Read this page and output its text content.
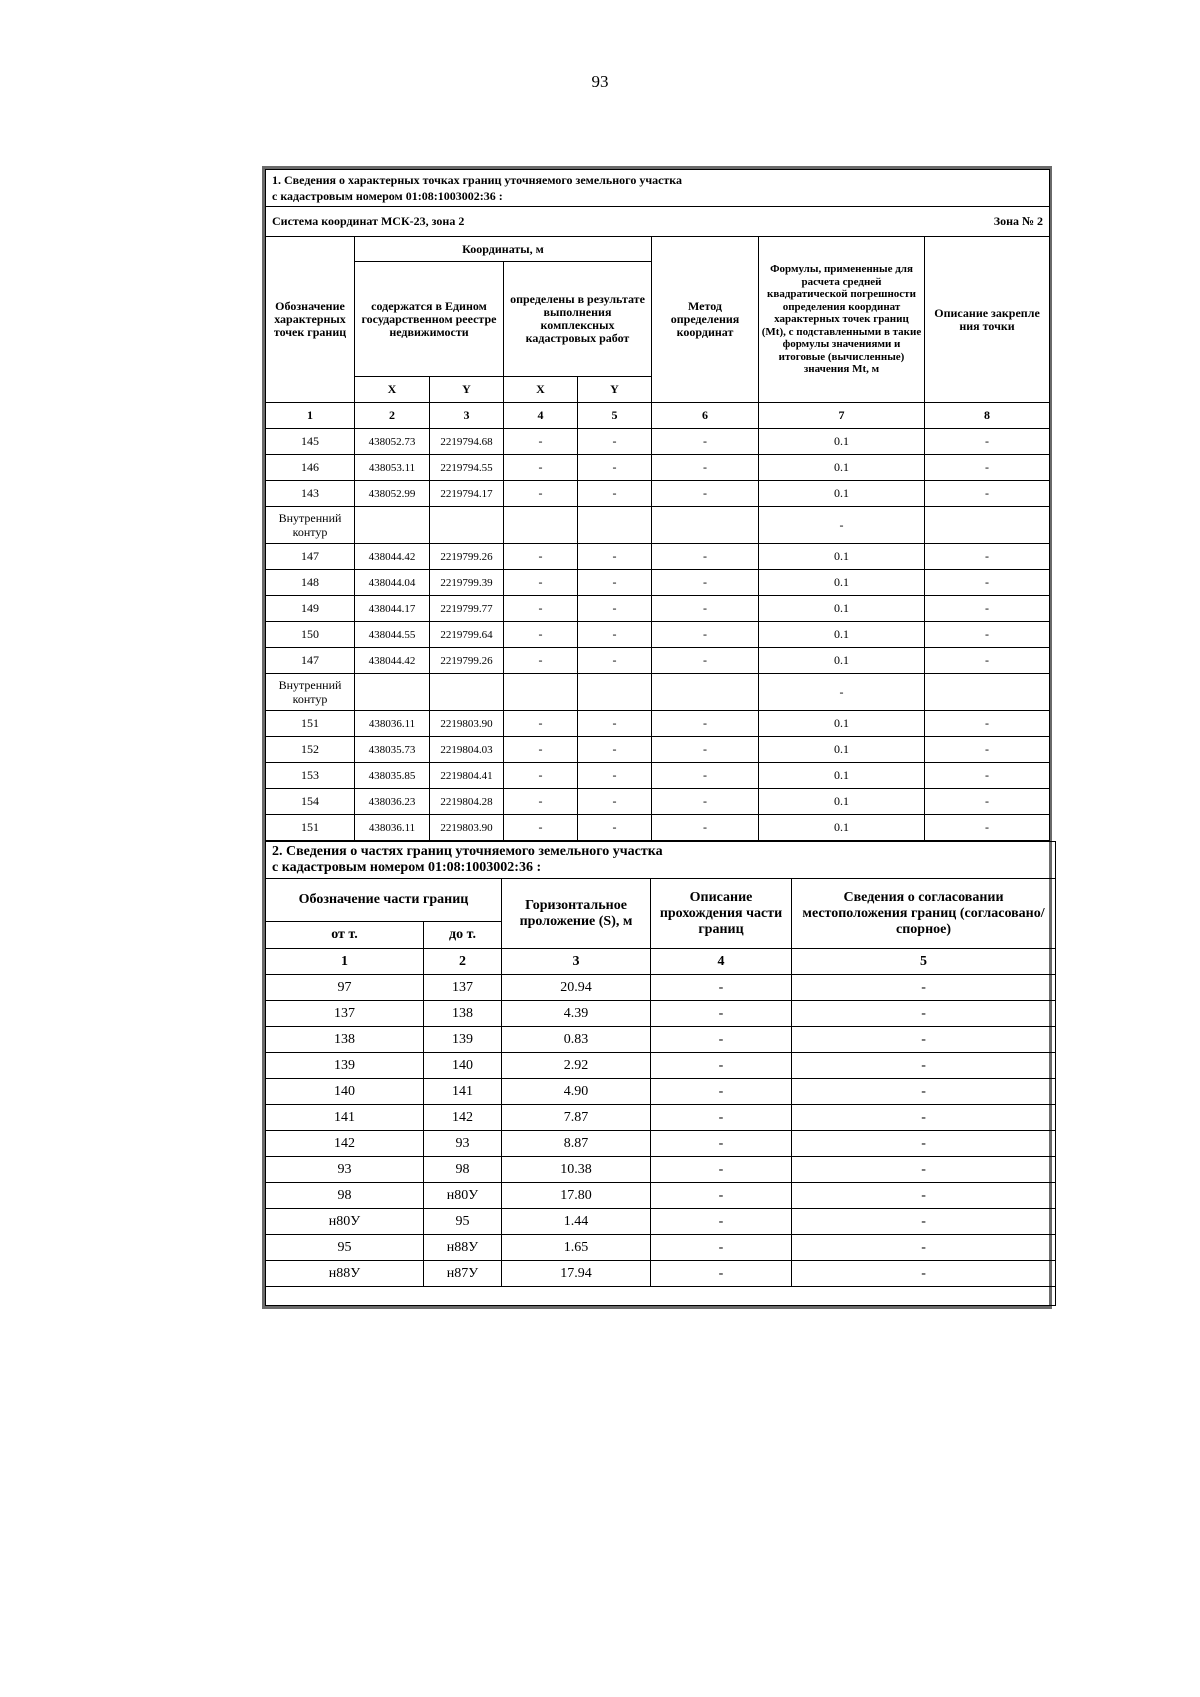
93
1. Сведения о характерных точках границ уточняемого земельного участка
с кадастровым номером 01:08:1003002:36 :							

Система координат МСК-23, зона 2						Зона № 2	
Обозначение характерных точек границ	Координаты, м				Метод определения координат	Формулы, примененные для расчета средней квадратической погрешности определения координат характерных точек границ (Mt), с подставленными в такие формулы значениями и итоговые (вычисленные) значения Mt, м	Описание закрепле ния точки
	содержатся в Едином государственном реестре недвижимости		определены в результате выполнения комплексных кадастровых работ				
	X	Y	X	Y			
1	2	3	4	5	6	7	8
145	438052.73	2219794.68	-	-	-	0.1	-
146	438053.11	2219794.55	-	-	-	0.1	-
143	438052.99	2219794.17	-	-	-	0.1	-
Внутренний контур						-	
147	438044.42	2219799.26	-	-	-	0.1	-
148	438044.04	2219799.39	-	-	-	0.1	-
149	438044.17	2219799.77	-	-	-	0.1	-
150	438044.55	2219799.64	-	-	-	0.1	-
147	438044.42	2219799.26	-	-	-	0.1	-
Внутренний контур						-	
151	438036.11	2219803.90	-	-	-	0.1	-
152	438035.73	2219804.03	-	-	-	0.1	-
153	438035.85	2219804.41	-	-	-	0.1	-
154	438036.23	2219804.28	-	-	-	0.1	-
151	438036.11	2219803.90	-	-	-	0.1	-
2. Сведения о частях границ уточняемого земельного участка
с кадастровым номером 01:08:1003002:36 :				

Обозначение части границ		Горизонтальное проложение (S), м	Описание прохождения части границ	Сведения о согласовании местоположения границ (согласовано/спорное)
от т.	до т.			
1	2	3	4	5
97	137	20.94	-	-
137	138	4.39	-	-
138	139	0.83	-	-
139	140	2.92	-	-
140	141	4.90	-	-
141	142	7.87	-	-
142	93	8.87	-	-
93	98	10.38	-	-
98	н80У	17.80	-	-
н80У	95	1.44	-	-
95	н88У	1.65	-	-
н88У	н87У	17.94	-	-
